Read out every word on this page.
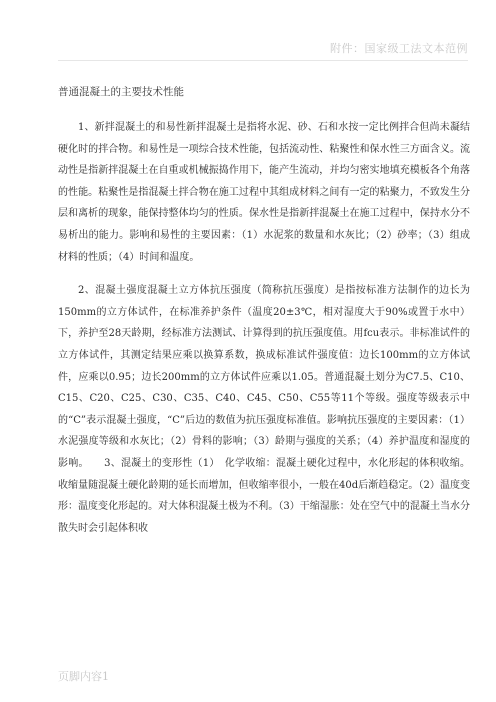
附件：国家级工法文本范例
普通混凝土的主要技术性能

1、新拌混凝土的和易性新拌混凝土是指将水泥、砂、石和水按一定比例拌合但尚未凝结硬化时的拌合物。和易性是一项综合技术性能，包括流动性、粘聚性和保水性三方面含义。流动性是指新拌混凝土在自重或机械振捣作用下，能产生流动，并均匀密实地填充模板各个角落的性能。粘聚性是指混凝土拌合物在施工过程中其组成材料之间有一定的粘聚力，不致发生分层和离析的现象，能保持整体均匀的性质。保水性是指新拌混凝土在施工过程中，保持水分不易析出的能力。影响和易性的主要因素：（1）水泥浆的数量和水灰比；（2）砂率；（3）组成材料的性质；（4）时间和温度。

2、混凝土强度混凝土立方体抗压强度（简称抗压强度）是指按标准方法制作的边长为150mm的立方体试件，在标准养护条件（温度20±3℃，相对湿度大于90%或置于水中）下，养护至28天龄期，经标准方法测试、计算得到的抗压强度值。用fcu表示。非标准试件的立方体试件，其测定结果应乘以换算系数，换成标准试件强度值：边长100mm的立方体试件，应乘以0.95；边长200mm的立方体试件应乘以1.05。普通混凝土划分为C7.5、C10、C15、C20、C25、C30、C35、C40、C45、C50、C55等11个等级。强度等级表示中的“C”表示混凝土强度，“C”后边的数值为抗压强度标准值。影响抗压强度的主要因素：（1）水泥强度等级和水灰比；（2）骨料的影响；（3）龄期与强度的关系；（4）养护温度和湿度的影响。　　3、混凝土的变形性（1）　化学收缩：混凝土硬化过程中，水化形起的体积收缩。收缩量随混凝土硬化龄期的延长而增加，但收缩率很小，一般在40d后渐趋稳定。（2）温度变形：温度变化形起的。对大体积混凝土极为不利。（3）干缩湿胀：处在空气中的混凝土当水分散失时会引起体积收

页脚内容1
